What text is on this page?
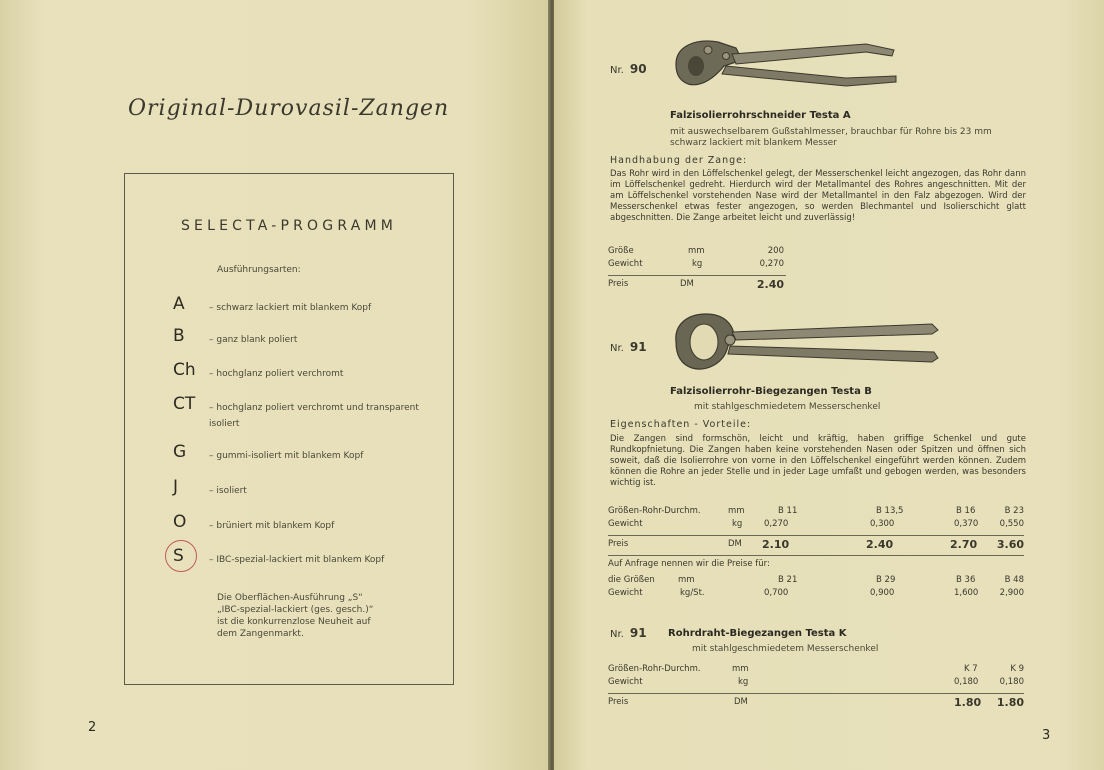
Original-Durovasil-Zangen
SELECTA-PROGRAMM
Ausführungsarten:
A	– schwarz lackiert mit blankem Kopf
B	– ganz blank poliert
Ch	– hochglanz poliert verchromt
CT	– hochglanz poliert verchromt und transparent isoliert
G	– gummi-isoliert mit blankem Kopf
J	– isoliert
O	– brüniert mit blankem Kopf
S	– IBC-spezial-lackiert mit blankem Kopf
Die Oberflächen-Ausführung „S“
„IBC-spezial-lackiert (ges. gesch.)“
ist die konkurrenzlose Neuheit auf
dem Zangenmarkt.
2
Nr. 90
Falzisolierrohrschneider Testa A
mit auswechselbarem Gußstahlmesser, brauchbar für Rohre bis 23 mm
schwarz lackiert mit blankem Messer
Handhabung der Zange:
Das Rohr wird in den Löffelschenkel gelegt, der Messerschenkel leicht angezogen, das Rohr dann im Löffelschenkel gedreht. Hierdurch wird der Metallmantel des Rohres angeschnitten. Mit der am Löffelschenkel vorstehenden Nase wird der Metallmantel in den Falz abgezogen. Wird der Messerschenkel etwas fester angezogen, so werden Blechmantel und Isolierschicht glatt abgeschnitten. Die Zange arbeitet leicht und zuverlässig!
Größe	mm	200
Gewicht	kg	0,270
Preis	DM	2.40
Nr. 91
Falzisolierrohr-Biegezangen Testa B
mit stahlgeschmiedetem Messerschenkel
Eigenschaften - Vorteile:
Die Zangen sind formschön, leicht und kräftig, haben griffige Schenkel und gute Rundkopfnietung. Die Zangen haben keine vorstehenden Nasen oder Spitzen und öffnen sich soweit, daß die Isolierrohre von vorne in den Löffelschenkel eingeführt werden können. Zudem können die Rohre an jeder Stelle und in jeder Lage umfaßt und gebogen werden, was besonders wichtig ist.
Größen-Rohr-Durchm.	mm	B 11	B 13,5	B 16	B 23
Gewicht	kg	0,270	0,300	0,370	0,550
Preis	DM 2.10	2.40	2.70 3.60
Auf Anfrage nennen wir die Preise für:
die Größen	mm	B 21	B 29	B 36	B 48
Gewicht	kg/St.	0,700	0,900	1,600	2,900
Nr. 91 Rohrdraht-Biegezangen Testa K
mit stahlgeschmiedetem Messerschenkel
Größen-Rohr-Durchm.	mm	K 7	K 9
Gewicht	kg	0,180	0,180
Preis	DM	1.80 1.80
3
